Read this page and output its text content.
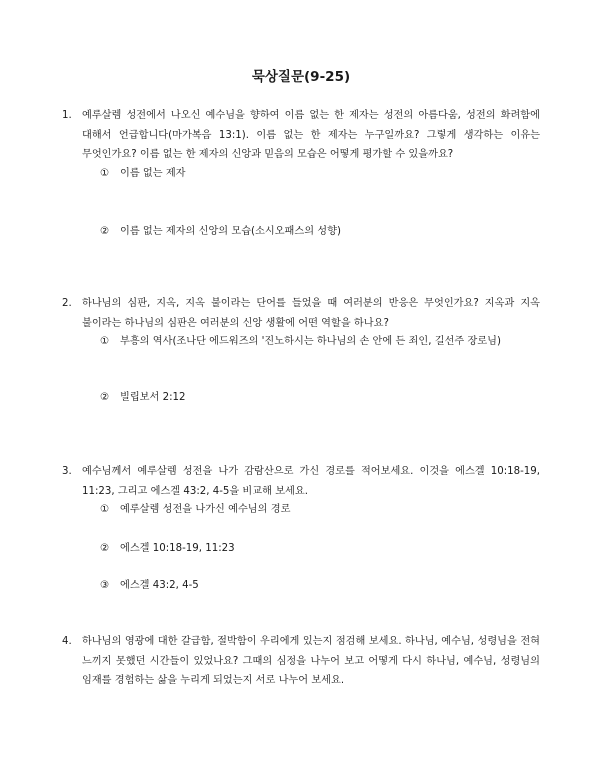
묵상질문(9-25)
1.	예루살렘 성전에서 나오신 예수님을 향하여 이름 없는 한 제자는 성전의 아름다움, 성전의 화려함에 대해서 언급합니다(마가복음 13:1). 이름 없는 한 제자는 누구일까요? 그렇게 생각하는 이유는 무엇인가요? 이름 없는 한 제자의 신앙과 믿음의 모습은 어떻게 평가할 수 있을까요?
① 이름 없는 제자
② 이름 없는 제자의 신앙의 모습(소시오패스의 성향)
2.	하나님의 심판, 지옥, 지옥 불이라는 단어를 들었을 때 여러분의 반응은 무엇인가요? 지옥과 지옥 불이라는 하나님의 심판은 여러분의 신앙 생활에 어떤 역할을 하나요?
① 부흥의 역사(조나단 에드워즈의 '진노하시는 하나님의 손 안에 든 죄인, 길선주 장로님)
② 빌립보서 2:12
3.	예수님께서 예루살렘 성전을 나가 감람산으로 가신 경로를 적어보세요. 이것을 에스겔 10:18-19, 11:23, 그리고 에스겔 43:2, 4-5을 비교해 보세요.
① 예루살렘 성전을 나가신 예수님의 경로
② 에스겔 10:18-19, 11:23
③ 에스겔 43:2, 4-5
4.	하나님의 영광에 대한 갈급함, 절박함이 우리에게 있는지 점검해 보세요. 하나님, 예수님, 성령님을 전혀 느끼지 못했던 시간들이 있었나요? 그때의 심정을 나누어 보고 어떻게 다시 하나님, 예수님, 성령님의 임재를 경험하는 삶을 누리게 되었는지 서로 나누어 보세요.
